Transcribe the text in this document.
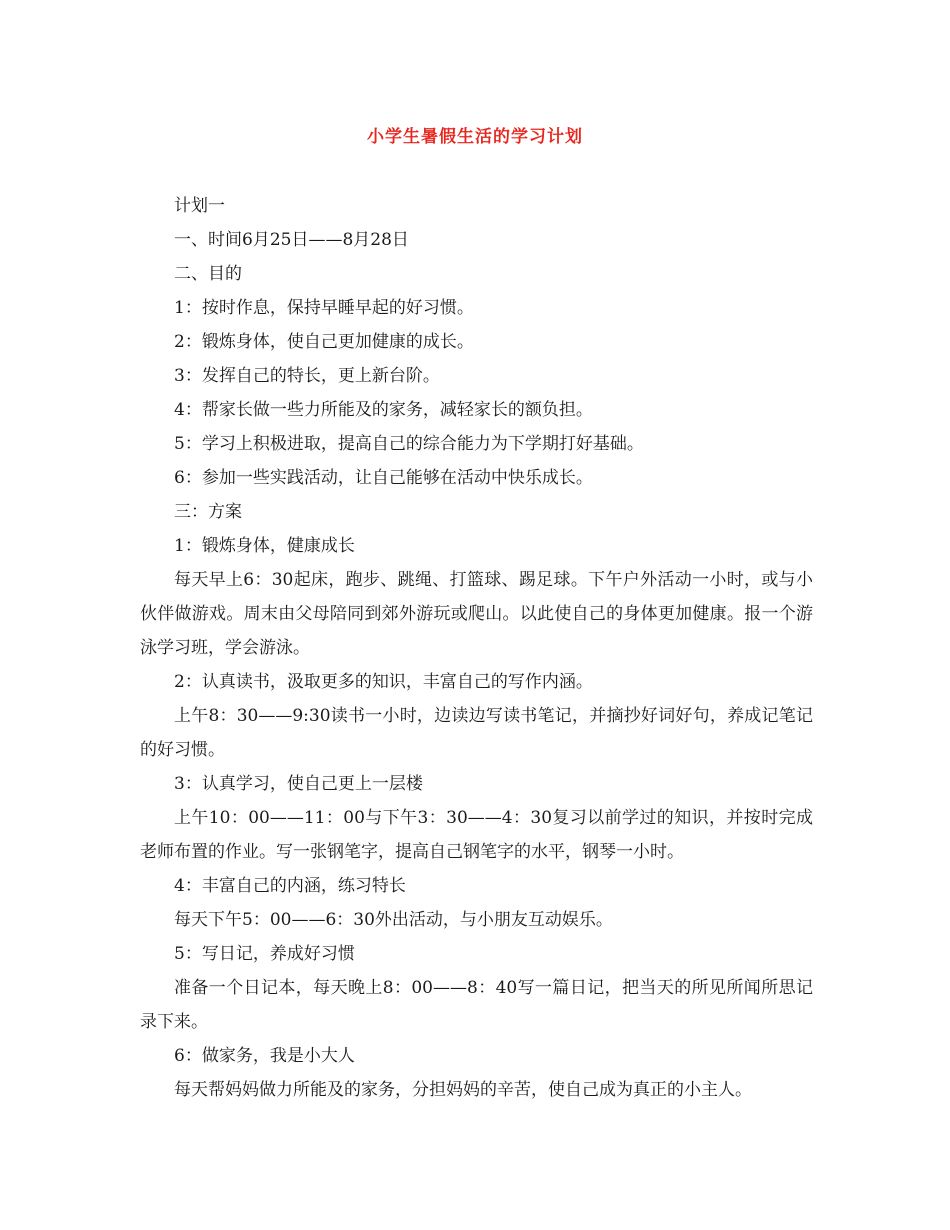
小学生暑假生活的学习计划

计划一

一、时间6月25日——8月28日

二、目的

1：按时作息，保持早睡早起的好习惯。

2：锻炼身体，使自己更加健康的成长。

3：发挥自己的特长，更上新台阶。

4：帮家长做一些力所能及的家务，减轻家长的额负担。

5：学习上积极进取，提高自己的综合能力为下学期打好基础。

6：参加一些实践活动，让自己能够在活动中快乐成长。

三：方案

1：锻炼身体，健康成长

每天早上6：30起床，跑步、跳绳、打篮球、踢足球。下午户外活动一小时，或与小伙伴做游戏。周末由父母陪同到郊外游玩或爬山。以此使自己的身体更加健康。报一个游泳学习班，学会游泳。

2：认真读书，汲取更多的知识，丰富自己的写作内涵。

上午8：30——9:30读书一小时，边读边写读书笔记，并摘抄好词好句，养成记笔记的好习惯。

3：认真学习，使自己更上一层楼

上午10：00——11：00与下午3：30——4：30复习以前学过的知识，并按时完成老师布置的作业。写一张钢笔字，提高自己钢笔字的水平，钢琴一小时。

4：丰富自己的内涵，练习特长

每天下午5：00——6：30外出活动，与小朋友互动娱乐。

5：写日记，养成好习惯

准备一个日记本，每天晚上8：00——8：40写一篇日记，把当天的所见所闻所思记录下来。

6：做家务，我是小大人

每天帮妈妈做力所能及的家务，分担妈妈的辛苦，使自己成为真正的小主人。
